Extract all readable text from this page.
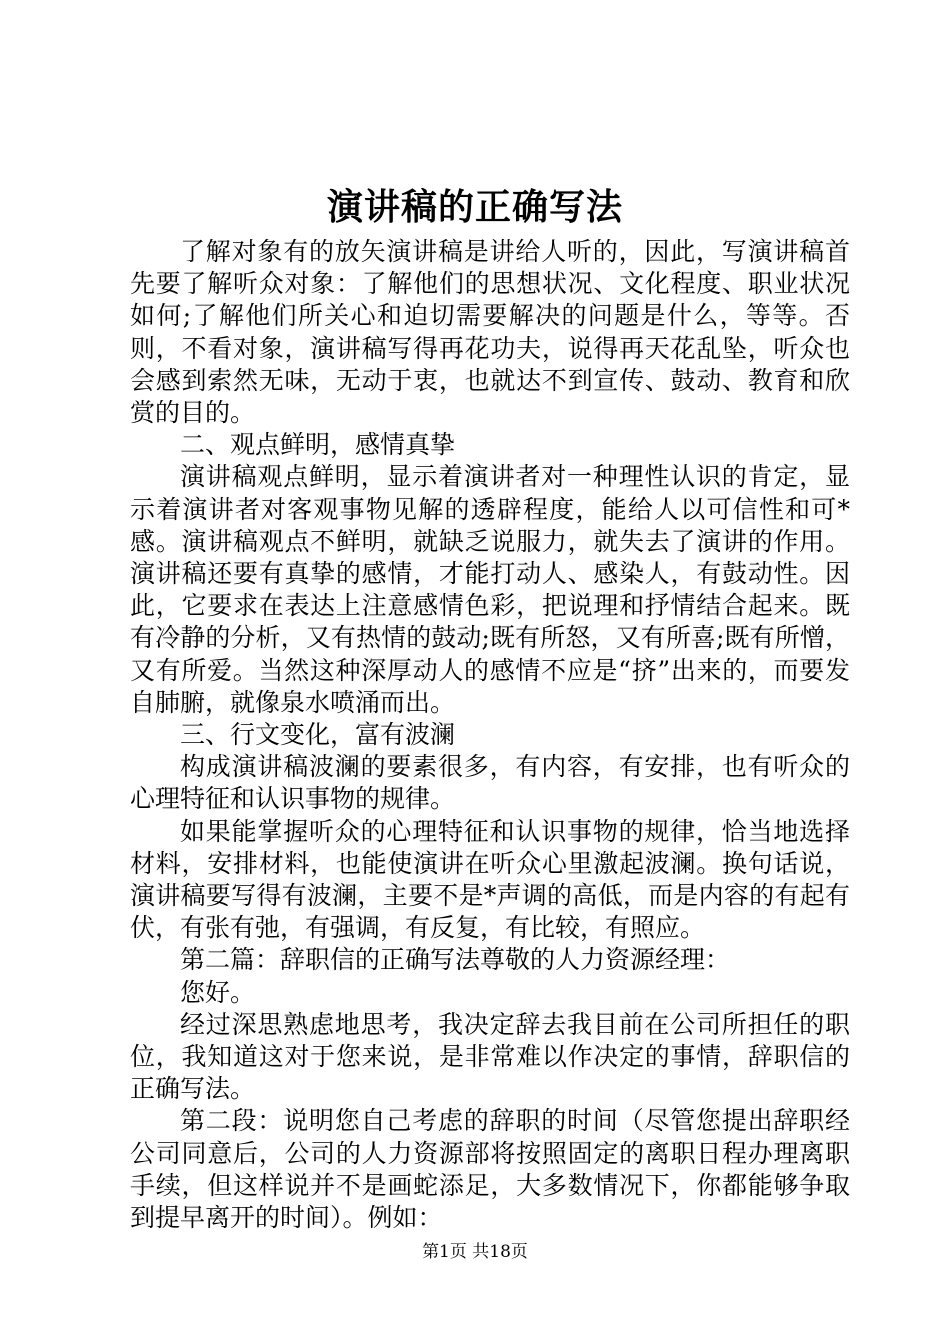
演讲稿的正确写法

了解对象有的放矢演讲稿是讲给人听的，因此，写演讲稿首先要了解听众对象：了解他们的思想状况、文化程度、职业状况如何;了解他们所关心和迫切需要解决的问题是什么，等等。否则，不看对象，演讲稿写得再花功夫，说得再天花乱坠，听众也会感到索然无味，无动于衷，也就达不到宣传、鼓动、教育和欣赏的目的。

二、观点鲜明，感情真挚

演讲稿观点鲜明，显示着演讲者对一种理性认识的肯定，显示着演讲者对客观事物见解的透辟程度，能给人以可信性和可*感。演讲稿观点不鲜明，就缺乏说服力，就失去了演讲的作用。演讲稿还要有真挚的感情，才能打动人、感染人，有鼓动性。因此，它要求在表达上注意感情色彩，把说理和抒情结合起来。既有冷静的分析，又有热情的鼓动;既有所怒，又有所喜;既有所憎，又有所爱。当然这种深厚动人的感情不应是“挤”出来的，而要发自肺腑，就像泉水喷涌而出。

三、行文变化，富有波澜

构成演讲稿波澜的要素很多，有内容，有安排，也有听众的心理特征和认识事物的规律。

如果能掌握听众的心理特征和认识事物的规律，恰当地选择材料，安排材料，也能使演讲在听众心里激起波澜。换句话说，演讲稿要写得有波澜，主要不是*声调的高低，而是内容的有起有伏，有张有弛，有强调，有反复，有比较，有照应。

第二篇：辞职信的正确写法尊敬的人力资源经理：

您好。

经过深思熟虑地思考，我决定辞去我目前在公司所担任的职位，我知道这对于您来说，是非常难以作决定的事情，辞职信的正确写法。

第二段：说明您自己考虑的辞职的时间（尽管您提出辞职经公司同意后，公司的人力资源部将按照固定的离职日程办理离职手续，但这样说并不是画蛇添足，大多数情况下，你都能够争取到提早离开的时间）。例如：

第1页 共18页
